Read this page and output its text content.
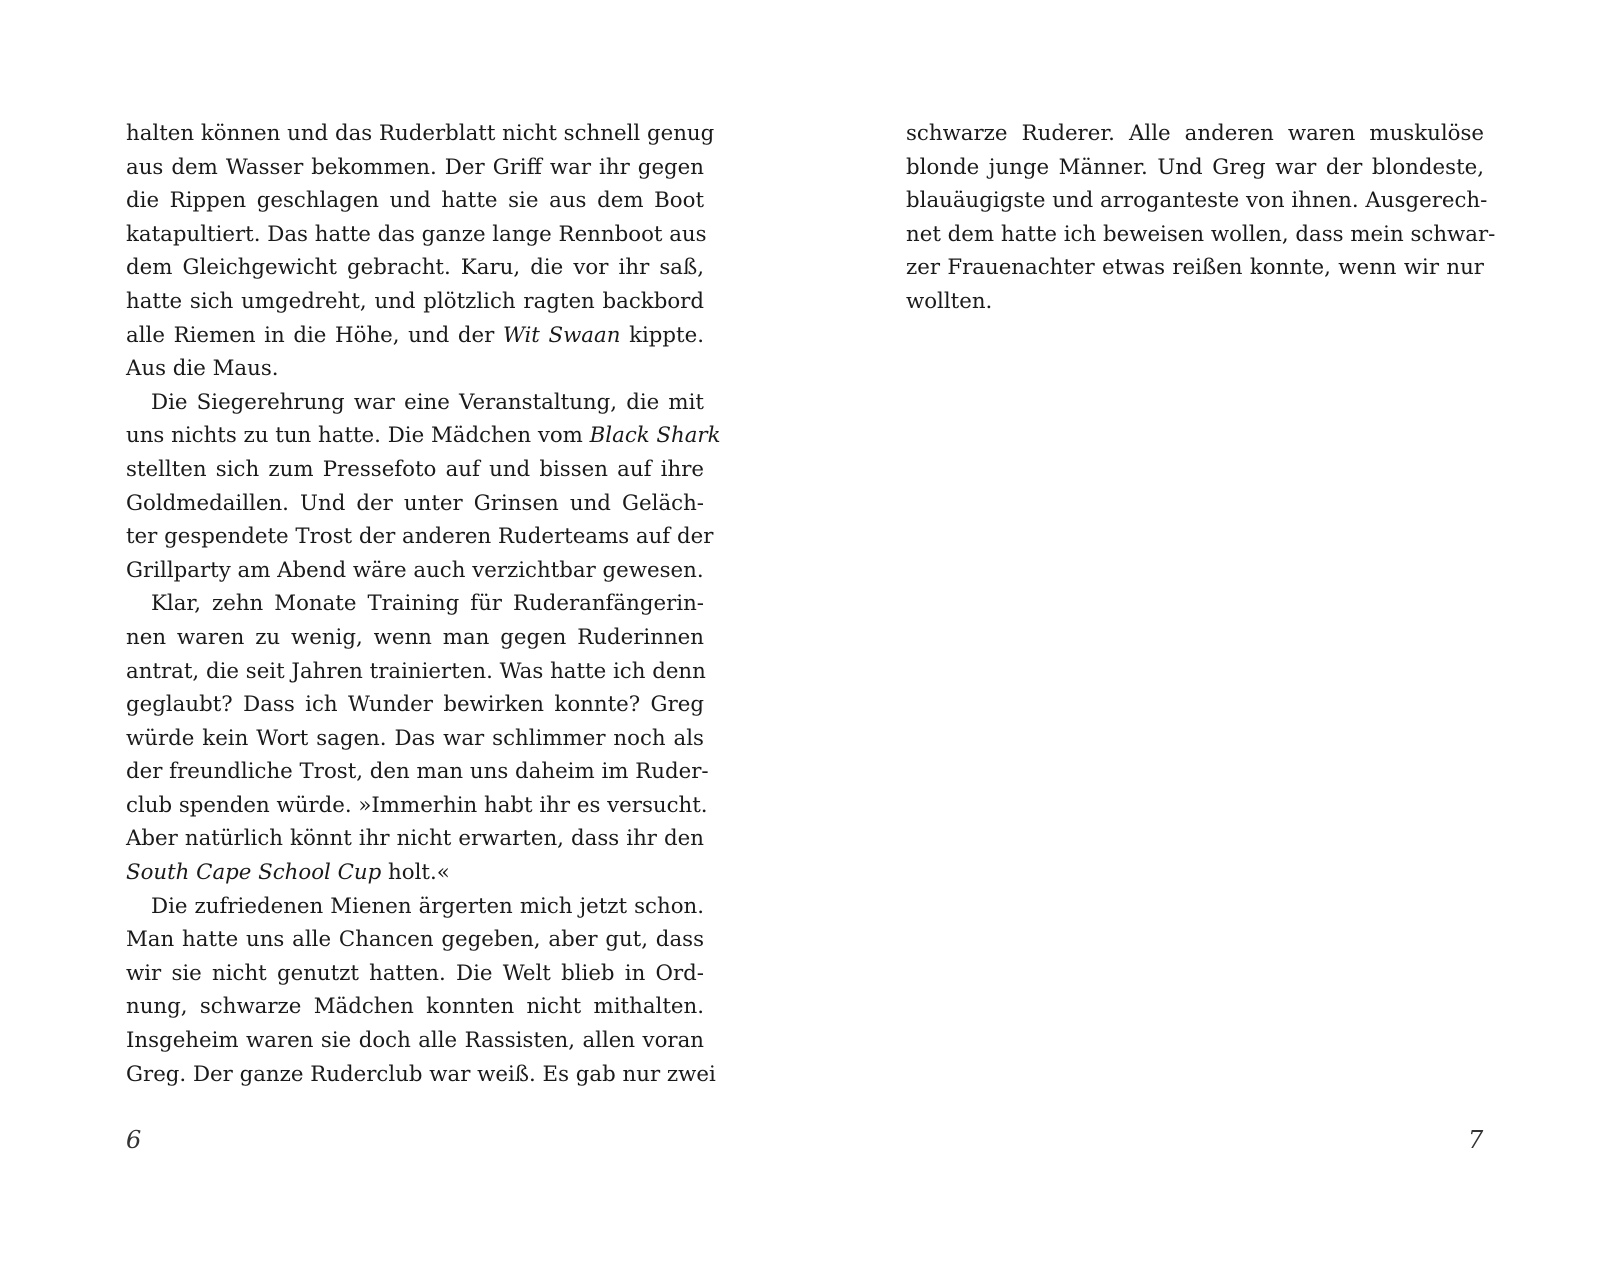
halten können und das Ruderblatt nicht schnell genug
aus dem Wasser bekommen. Der Griff war ihr gegen
die Rippen geschlagen und hatte sie aus dem Boot
katapultiert. Das hatte das ganze lange Rennboot aus
dem Gleichgewicht gebracht. Karu, die vor ihr saß,
hatte sich umgedreht, und plötzlich ragten backbord
alle Riemen in die Höhe, und der Wit Swaan kippte.
Aus die Maus.
Die Siegerehrung war eine Veranstaltung, die mit
uns nichts zu tun hatte. Die Mädchen vom Black Shark
stellten sich zum Pressefoto auf und bissen auf ihre
Goldmedaillen. Und der unter Grinsen und Geläch-
ter gespendete Trost der anderen Ruderteams auf der
Grillparty am Abend wäre auch verzichtbar gewesen.
Klar, zehn Monate Training für Ruderanfängerin-
nen waren zu wenig, wenn man gegen Ruderinnen
antrat, die seit Jahren trainierten. Was hatte ich denn
geglaubt? Dass ich Wunder bewirken konnte? Greg
würde kein Wort sagen. Das war schlimmer noch als
der freundliche Trost, den man uns daheim im Ruder-
club spenden würde. »Immerhin habt ihr es versucht.
Aber natürlich könnt ihr nicht erwarten, dass ihr den
South Cape School Cup holt.«
Die zufriedenen Mienen ärgerten mich jetzt schon.
Man hatte uns alle Chancen gegeben, aber gut, dass
wir sie nicht genutzt hatten. Die Welt blieb in Ord-
nung, schwarze Mädchen konnten nicht mithalten.
Insgeheim waren sie doch alle Rassisten, allen voran
Greg. Der ganze Ruderclub war weiß. Es gab nur zwei
6
schwarze Ruderer. Alle anderen waren muskulöse
blonde junge Männer. Und Greg war der blondeste,
blauäugigste und arroganteste von ihnen. Ausgerech-
net dem hatte ich beweisen wollen, dass mein schwar-
zer Frauenachter etwas reißen konnte, wenn wir nur
wollten.
7
